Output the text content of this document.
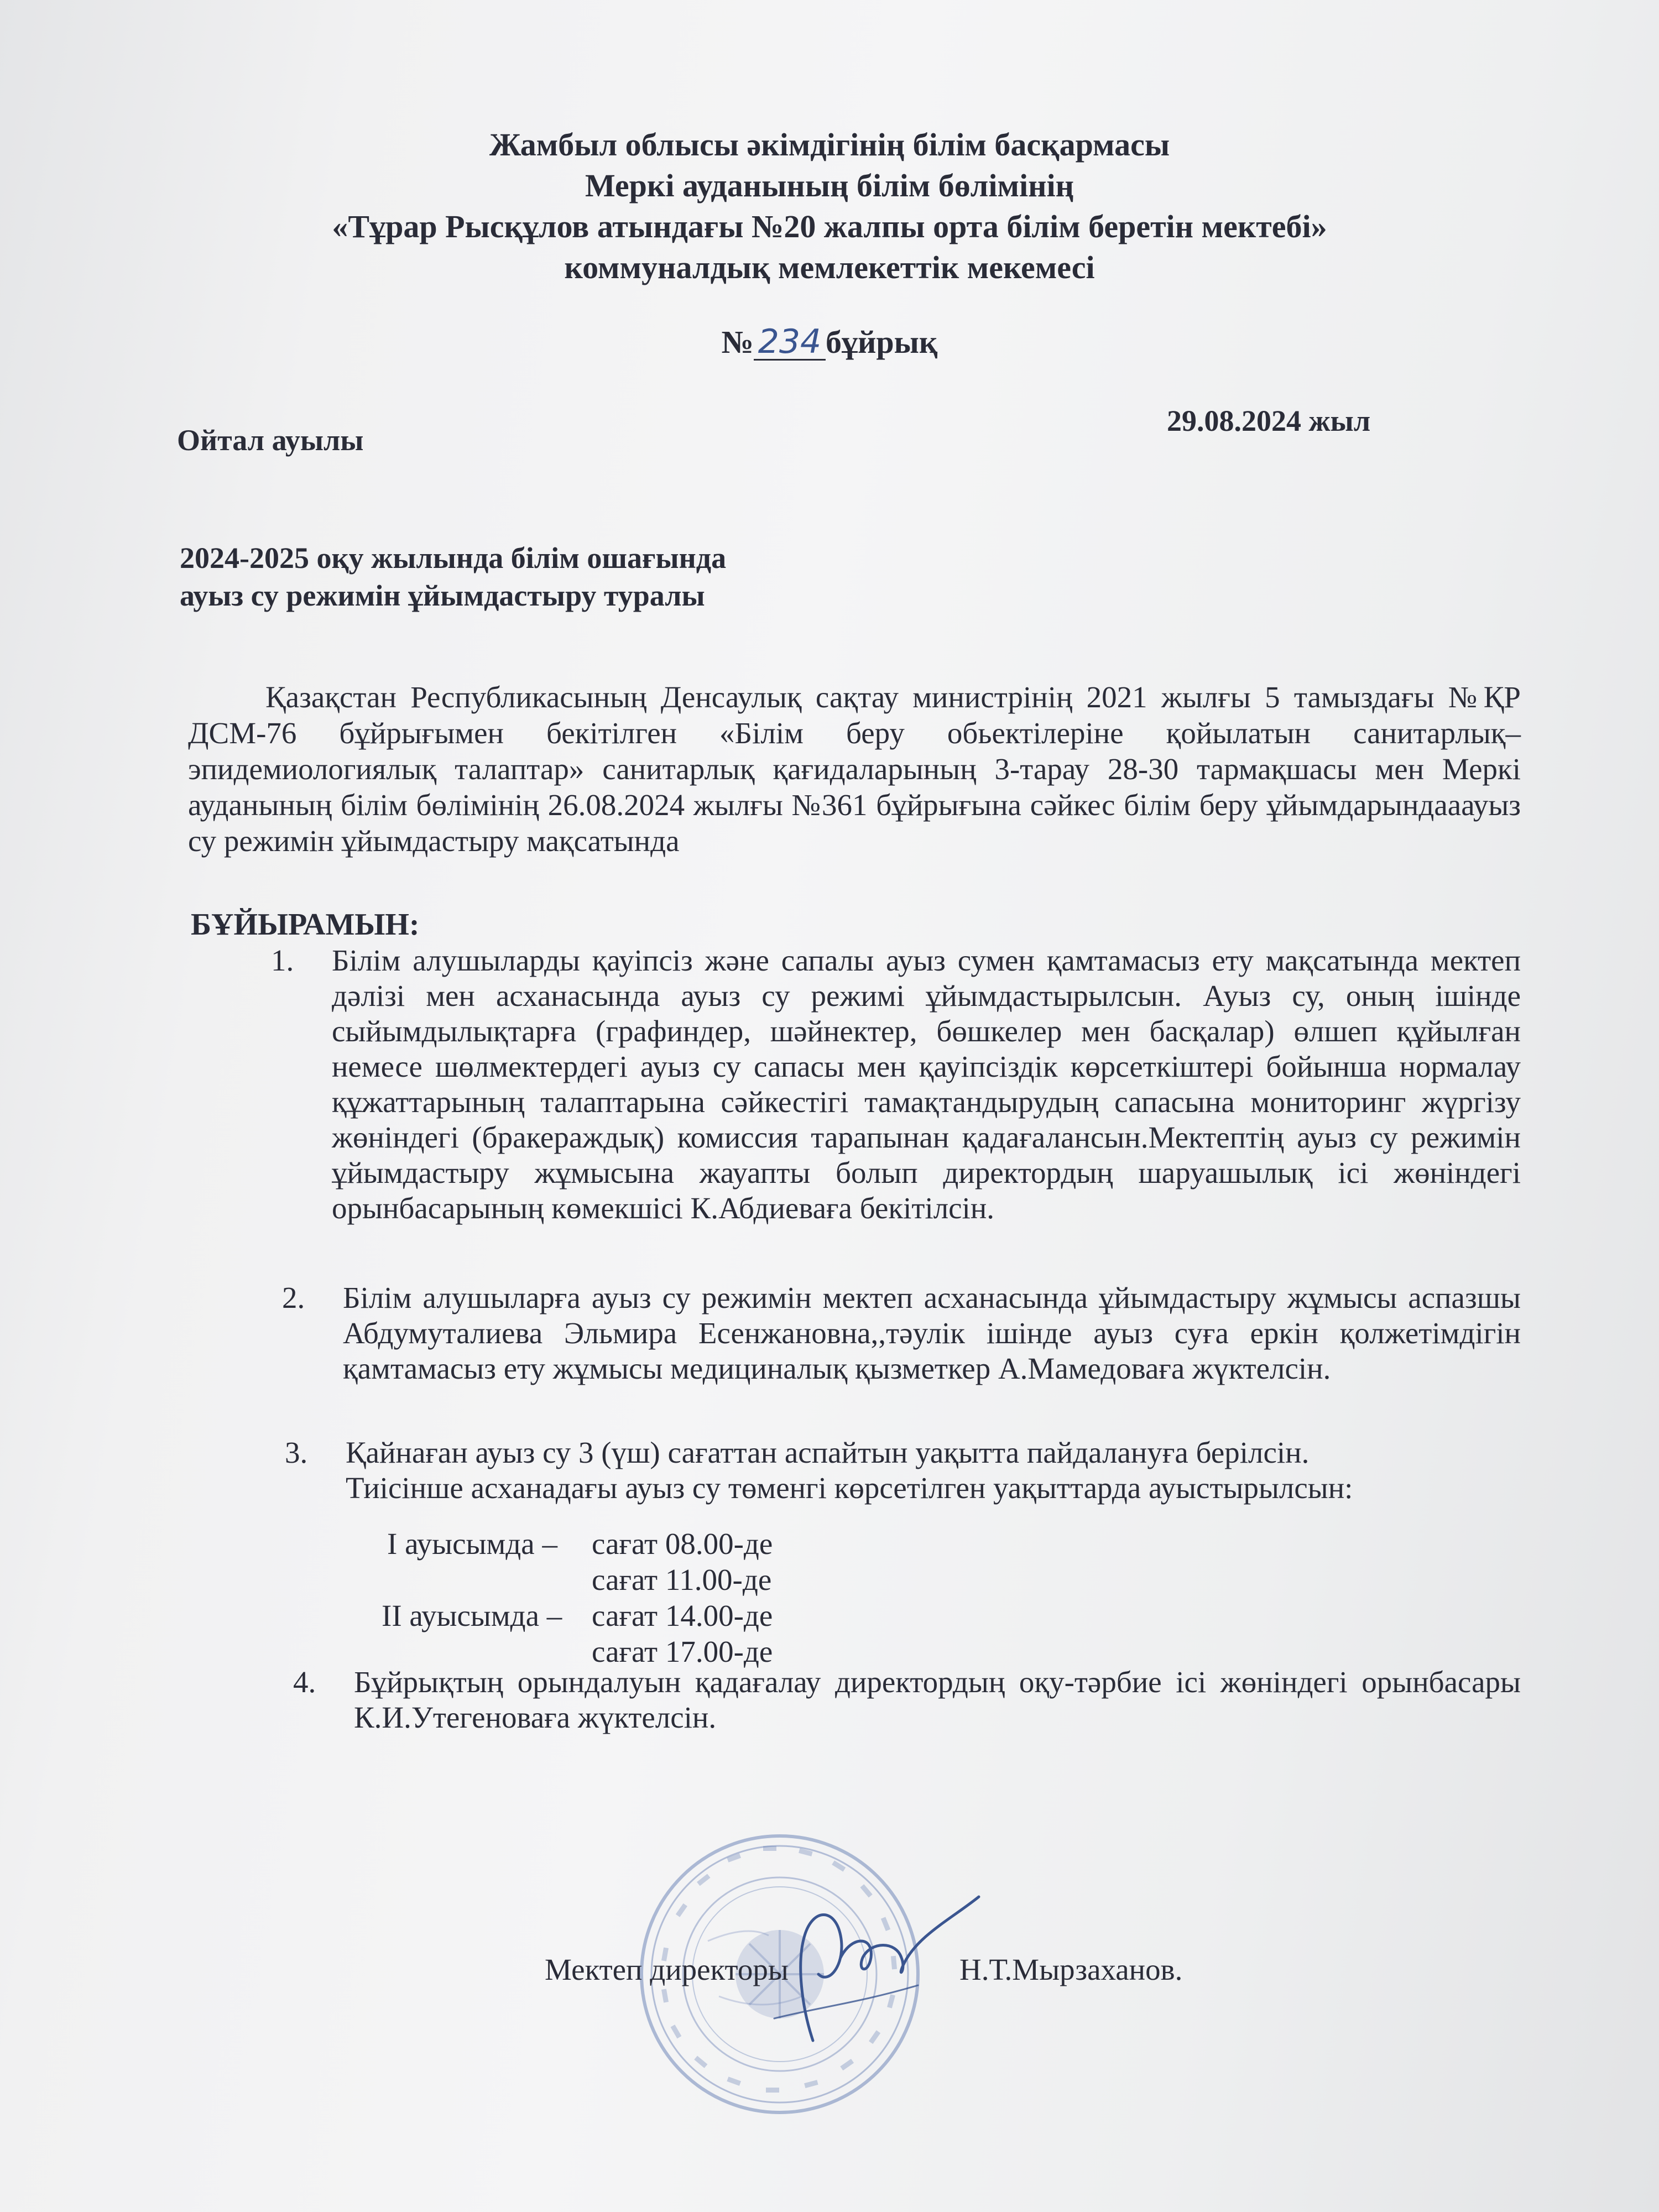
Жамбыл облысы әкімдігінің білім басқармасы
Меркі ауданының білім бөлімінің
«Тұрар Рысқұлов атындағы №20 жалпы орта білім беретін мектебі»
коммуналдық мемлекеттік мекемесі
№ 234 бұйрық
Ойтал ауылы
29.08.2024 жыл
2024-2025 оқу жылында білім ошағында
ауыз су режимін ұйымдастыру туралы
Қазақстан Республикасының Денсаулық сақтау министрінің 2021 жылғы 5 тамыздағы №ҚР ДСМ-76 бұйрығымен бекітілген «Білім беру обьектілеріне қойылатын санитарлық–эпидемиологиялық талаптар» санитарлық қағидаларының 3-тарау 28-30 тармақшасы мен Меркі ауданының білім бөлімінің 26.08.2024 жылғы №361 бұйрығына сәйкес білім беру ұйымдарындааауыз су режимін ұйымдастыру мақсатында
БҰЙЫРАМЫН:
1. Білім алушыларды қауіпсіз және сапалы ауыз сумен қамтамасыз ету мақсатында мектеп дәлізі мен асханасында ауыз су режимі ұйымдастырылсын. Ауыз су, оның ішінде сыйымдылықтарға (графиндер, шәйнектер, бөшкелер мен басқалар) өлшеп құйылған немесе шөлмектердегі ауыз су сапасы мен қауіпсіздік көрсеткіштері бойынша нормалау құжаттарының талаптарына сәйкестігі тамақтандырудың сапасына мониторинг жүргізу жөніндегі (бракераждық) комиссия тарапынан қадағалансын.Мектептің ауыз су режимін ұйымдастыру жұмысына жауапты болып директордың шаруашылық ісі жөніндегі орынбасарының көмекшісі К.Абдиеваға бекітілсін.
2. Білім алушыларға ауыз су режимін мектеп асханасында ұйымдастыру жұмысы аспазшы Абдумуталиева Эльмира Есенжановна,,тәулік ішінде ауыз суға еркін қолжетімдігін қамтамасыз ету жұмысы медициналық қызметкер А.Мамедоваға жүктелсін.
3. Қайнаған ауыз су 3 (үш) сағаттан аспайтын уақытта пайдалануға берілсін.
Тиісінше асханадағы ауыз су төменгі көрсетілген уақыттарда ауыстырылсын:
I ауысымда – сағат 08.00-де
сағат 11.00-де
II ауысымда – сағат 14.00-де
сағат 17.00-де
4. Бұйрықтың орындалуын қадағалау директордың оқу-тәрбие ісі жөніндегі орынбасары К.И.Утегеноваға жүктелсін.
Мектеп директоры	Н.Т.Мырзаханов.
